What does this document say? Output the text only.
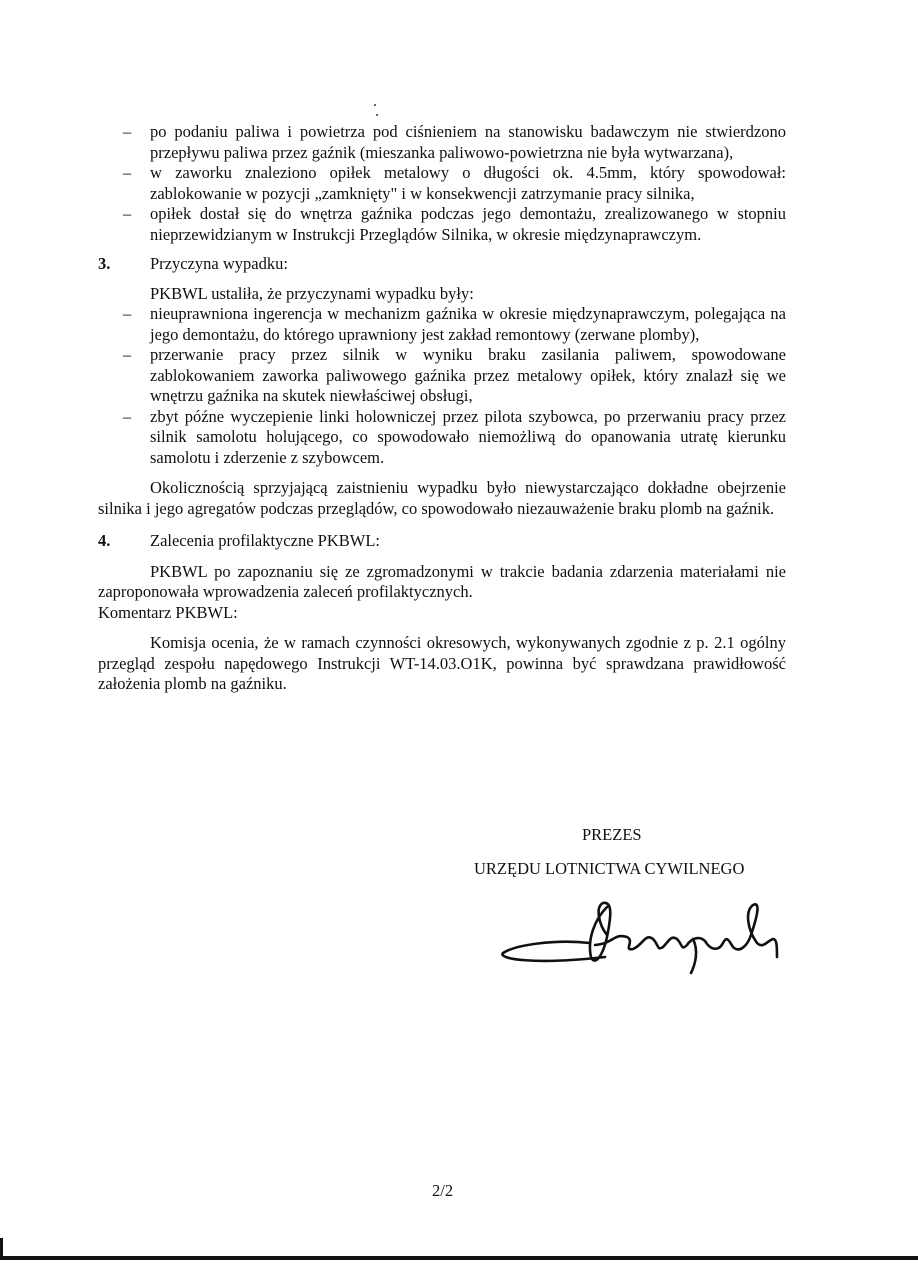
– po podaniu paliwa i powietrza pod ciśnieniem na stanowisku badawczym nie stwierdzono przepływu paliwa przez gaźnik (mieszanka paliwowo-powietrzna nie była wytwarzana),
– w zaworku znaleziono opiłek metalowy o długości ok. 4.5mm, który spowodował: zablokowanie w pozycji „zamknięty" i w konsekwencji zatrzymanie pracy silnika,
– opiłek dostał się do wnętrza gaźnika podczas jego demontażu, zrealizowanego w stopniu nieprzewidzianym w Instrukcji Przeglądów Silnika, w okresie międzynaprawczym.
3. Przyczyna wypadku:

PKBWL ustaliła, że przyczynami wypadku były:

– nieuprawniona ingerencja w mechanizm gaźnika w okresie międzynaprawczym, polegająca na jego demontażu, do którego uprawniony jest zakład remontowy (zerwane plomby),
– przerwanie pracy przez silnik w wyniku braku zasilania paliwem, spowodowane zablokowaniem zaworka paliwowego gaźnika przez metalowy opiłek, który znalazł się we wnętrzu gaźnika na skutek niewłaściwej obsługi,
– zbyt późne wyczepienie linki holowniczej przez pilota szybowca, po przerwaniu pracy przez silnik samolotu holującego, co spowodowało niemożliwą do opanowania utratę kierunku samolotu i zderzenie z szybowcem.

Okolicznością sprzyjającą zaistnieniu wypadku było niewystarczająco dokładne obejrzenie silnika i jego agregatów podczas przeglądów, co spowodowało niezauważenie braku plomb na gaźnik.

4. Zalecenia profilaktyczne PKBWL:

PKBWL po zapoznaniu się ze zgromadzonymi w trakcie badania zdarzenia materiałami nie zaproponowała wprowadzenia zaleceń profilaktycznych.

Komentarz PKBWL:

Komisja ocenia, że w ramach czynności okresowych, wykonywanych zgodnie z p. 2.1 ogólny przegląd zespołu napędowego Instrukcji WT-14.03.O1K, powinna być sprawdzana prawidłowość założenia plomb na gaźniku.

PREZES
URZĘDU LOTNICTWA CYWILNEGO
2/2
